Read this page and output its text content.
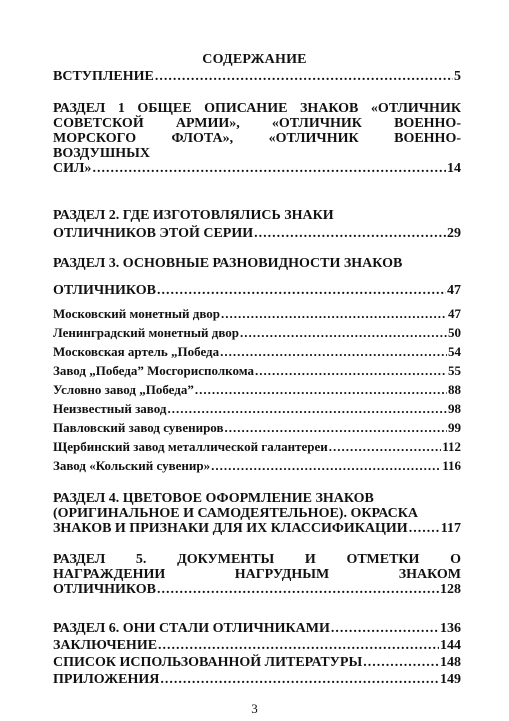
СОДЕРЖАНИЕ
ВСТУПЛЕНИЕ .....	5
РАЗДЕЛ 1 ОБЩЕЕ ОПИСАНИЕ ЗНАКОВ «ОТЛИЧНИК
СОВЕТСКОЙ АРМИИ», «ОТЛИЧНИК ВОЕННО-
МОРСКОГО ФЛОТА», «ОТЛИЧНИК ВОЕННО-
ВОЗДУШНЫХ
СИЛ» .....	14
РАЗДЕЛ 2. ГДЕ ИЗГОТОВЛЯЛИСЬ ЗНАКИ
ОТЛИЧНИКОВ ЭТОЙ СЕРИИ .....	29
РАЗДЕЛ 3. ОСНОВНЫЕ РАЗНОВИДНОСТИ ЗНАКОВ
ОТЛИЧНИКОВ .....	47
Московский монетный двор .....	47
Ленинградский монетный двор .....	50
Московская артель „Победа .....	54
Завод „Победа” Мосгорисполкома .....	55
Условно завод „Победа” .....	88
Неизвестный завод .....	98
Павловский завод сувениров .....	99
Щербинский завод металлической галантереи .....	112
Завод «Кольский сувенир» .....	116
РАЗДЕЛ 4. ЦВЕТОВОЕ ОФОРМЛЕНИЕ ЗНАКОВ
(ОРИГИНАЛЬНОЕ И САМОДЕЯТЕЛЬНОЕ). ОКРАСКА
ЗНАКОВ И ПРИЗНАКИ ДЛЯ ИХ КЛАССИФИКАЦИИ ..... 117
РАЗДЕЛ 5. ДОКУМЕНТЫ И ОТМЕТКИ О
НАГРАЖДЕНИИ НАГРУДНЫМ ЗНАКОМ
ОТЛИЧНИКОВ .....	128
РАЗДЕЛ 6. ОНИ СТАЛИ ОТЛИЧНИКАМИ .....	136
ЗАКЛЮЧЕНИЕ .....	144
СПИСОК ИСПОЛЬЗОВАННОЙ ЛИТЕРАТУРЫ .....	148
ПРИЛОЖЕНИЯ .....	149
3
